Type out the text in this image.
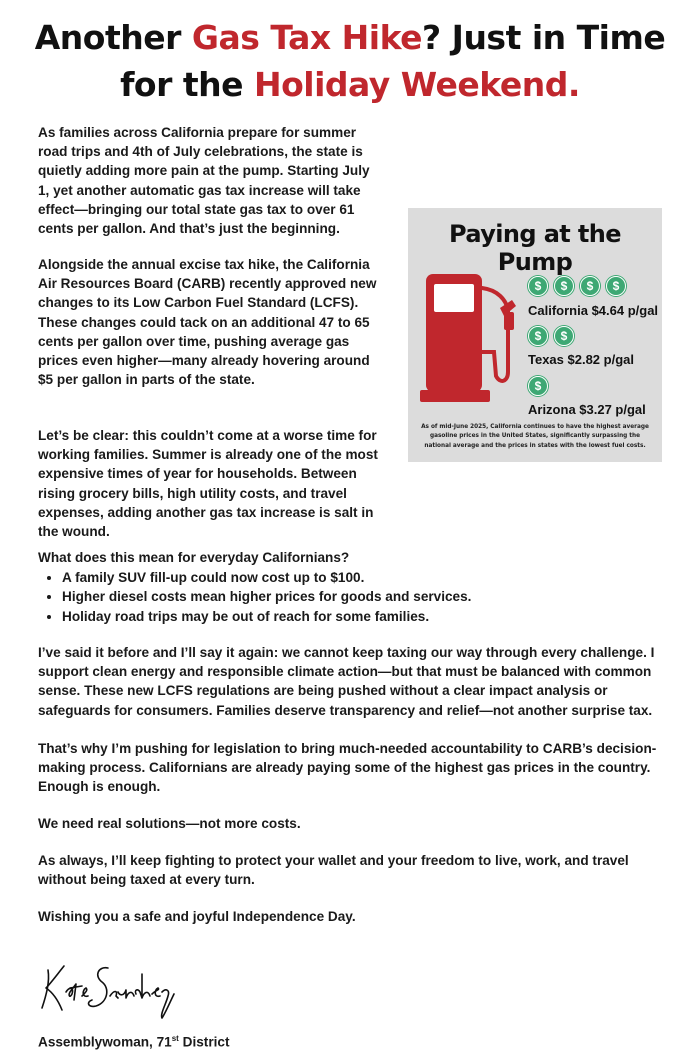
Another Gas Tax Hike? Just in Time
for the Holiday Weekend.

As families across California prepare for summer road trips and 4th of July celebrations, the state is quietly adding more pain at the pump. Starting July 1, yet another automatic gas tax increase will take effect—bringing our total state gas tax to over 61 cents per gallon. And that’s just the beginning.

Alongside the annual excise tax hike, the California Air Resources Board (CARB) recently approved new changes to its Low Carbon Fuel Standard (LCFS). These changes could tack on an additional 47 to 65 cents per gallon over time, pushing average gas prices even higher—many already hovering around $5 per gallon in parts of the state.

Let’s be clear: this couldn’t come at a worse time for working families. Summer is already one of the most expensive times of year for households. Between rising grocery bills, high utility costs, and travel expenses, adding another gas tax increase is salt in the wound.

What does this mean for everyday Californians?

• A family SUV fill-up could now cost up to $100.
• Higher diesel costs mean higher prices for goods and services.
• Holiday road trips may be out of reach for some families.

I’ve said it before and I’ll say it again: we cannot keep taxing our way through every challenge. I support clean energy and responsible climate action—but that must be balanced with common sense. These new LCFS regulations are being pushed without a clear impact analysis or safeguards for consumers. Families deserve transparency and relief—not another surprise tax.

That’s why I’m pushing for legislation to bring much-needed accountability to CARB’s decision-making process. Californians are already paying some of the highest gas prices in the country. Enough is enough.

We need real solutions—not more costs.

As always, I’ll keep fighting to protect your wallet and your freedom to live, work, and travel without being taxed at every turn.

Wishing you a safe and joyful Independence Day.

Paying at the Pump
$	$	$	$
California $4.64 p/gal
$	$
Texas $2.82 p/gal
$
Arizona $3.27 p/gal
As of mid-June 2025, California continues to have the highest average gasoline prices in the United States, significantly surpassing the national average and the prices in states with the lowest fuel costs.
Assemblywoman, 71st District
